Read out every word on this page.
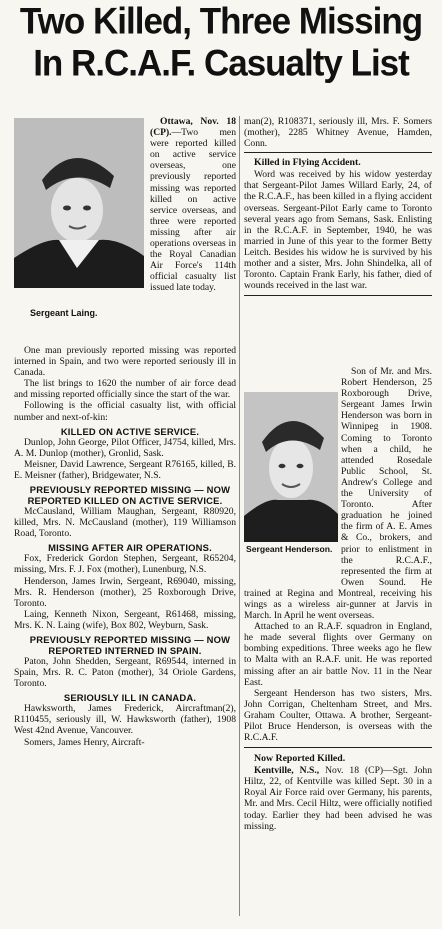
Two Killed, Three Missing
In R.C.A.F. Casualty List
Sergeant Laing.

Ottawa, Nov. 18 (CP).—Two men were reported killed on active service overseas, one previously reported missing was reported killed on active service overseas, and three were reported missing after air operations overseas in the Royal Canadian Air Force's 114th official casualty list issued late today.

One man previously reported missing was reported interned in Spain, and two were reported seriously ill in Canada.

The list brings to 1620 the number of air force dead and missing reported officially since the start of the war.

Following is the official casualty list, with official number and next-of-kin:

KILLED ON ACTIVE SERVICE.

Dunlop, John George, Pilot Officer, J4754, killed, Mrs. A. M. Dunlop (mother), Gronlid, Sask.

Meisner, David Lawrence, Sergeant R76165, killed, B. E. Meisner (father), Bridgewater, N.S.

PREVIOUSLY REPORTED MISSING — NOW REPORTED KILLED ON ACTIVE SERVICE.

McCausland, William Maughan, Sergeant, R80920, killed, Mrs. N. McCausland (mother), 119 Williamson Road, Toronto.

MISSING AFTER AIR OPERATIONS.

Fox, Frederick Gordon Stephen, Sergeant, R65204, missing, Mrs. F. J. Fox (mother), Lunenburg, N.S.

Henderson, James Irwin, Sergeant, R69040, missing, Mrs. R. Henderson (mother), 25 Roxborough Drive, Toronto.

Laing, Kenneth Nixon, Sergeant, R61468, missing, Mrs. K. N. Laing (wife), Box 802, Weyburn, Sask.

PREVIOUSLY REPORTED MISSING — NOW REPORTED INTERNED IN SPAIN.

Paton, John Shedden, Sergeant, R69544, interned in Spain, Mrs. R. C. Paton (mother), 34 Oriole Gardens, Toronto.

SERIOUSLY ILL IN CANADA.

Hawksworth, James Frederick, Aircraftman(2), R110455, seriously ill, W. Hawksworth (father), 1908 West 42nd Avenue, Vancouver.

Somers, James Henry, Aircraft-

man(2), R108371, seriously ill, Mrs. F. Somers (mother), 2285 Whitney Avenue, Hamden, Conn.

Killed in Flying Accident.

Word was received by his widow yesterday that Sergeant-Pilot James Willard Early, 24, of the R.C.A.F., has been killed in a flying accident overseas. Sergeant-Pilot Early came to Toronto several years ago from Semans, Sask. Enlisting in the R.C.A.F. in September, 1940, he was married in June of this year to the former Betty Leitch. Besides his widow he is survived by his mother and a sister, Mrs. John Shindelka, all of Toronto. Captain Frank Early, his father, died of wounds received in the last war.

Son of Mr. and Mrs. Robert Henderson, 25 Roxborough Drive, Sergeant James Irwin Henderson was born in Winnipeg in 1908. Coming to Toronto when a child, he attended Rosedale Public School, St. Andrew's College and the University of Toronto. After graduation he joined the firm of A. E. Ames & Co., brokers, and prior to enlistment in the R.C.A.F., represented the firm at Owen Sound. He trained at Regina and Montreal, receiving his wings as a wireless air-gunner at Jarvis in March. In April he went overseas.

Attached to an R.A.F. squadron in England, he made several flights over Germany on bombing expeditions. Three weeks ago he flew to Malta with an R.A.F. unit. He was reported missing after an air battle Nov. 11 in the Near East.

Sergeant Henderson has two sisters, Mrs. John Corrigan, Cheltenham Street, and Mrs. Graham Coulter, Ottawa. A brother, Sergeant-Pilot Bruce Henderson, is overseas with the R.C.A.F.

Now Reported Killed.

Kentville, N.S., Nov. 18 (CP)—Sgt. John Hiltz, 22, of Kentville was killed Sept. 30 in a Royal Air Force raid over Germany, his parents, Mr. and Mrs. Cecil Hiltz, were officially notified today. Earlier they had been advised he was missing.

Sergeant Henderson.
